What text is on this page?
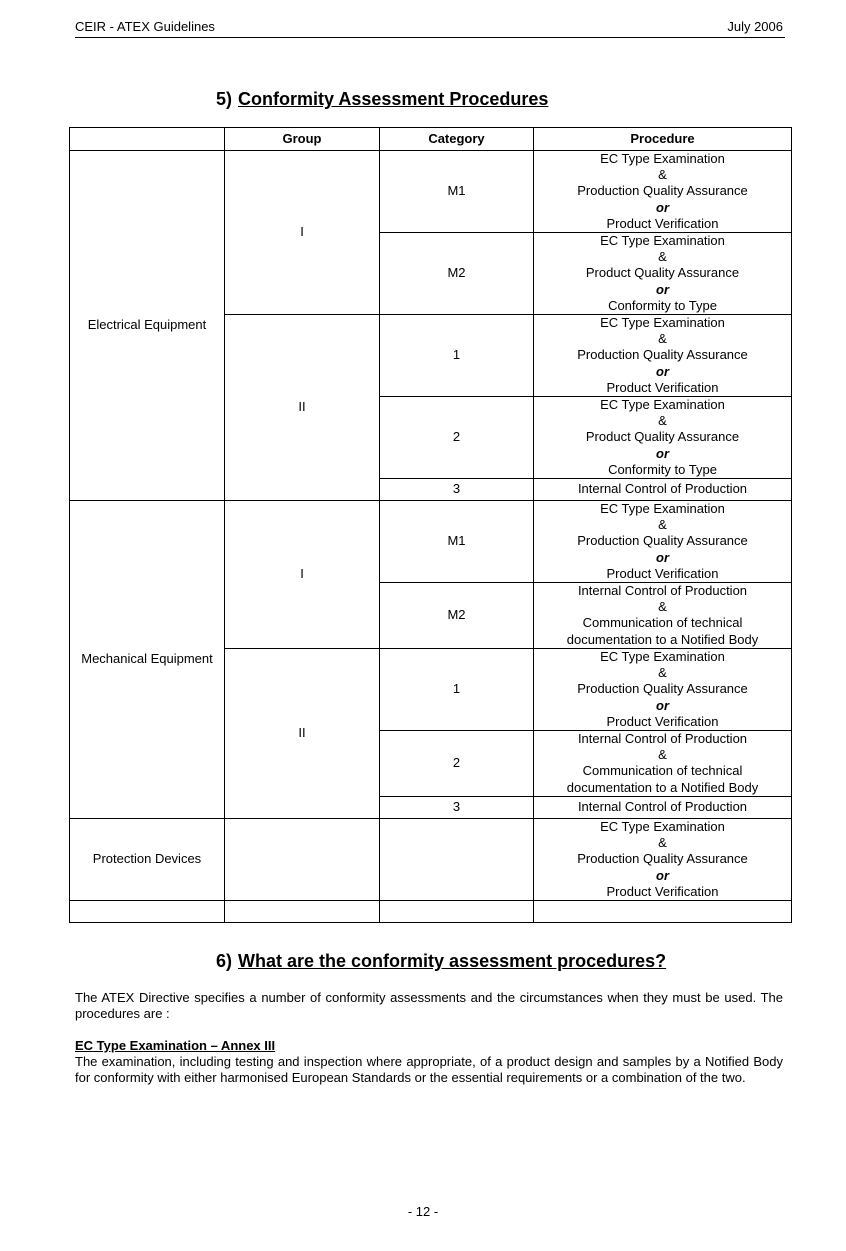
CEIR - ATEX Guidelines	July 2006
5) Conformity Assessment Procedures
	Group	Category	Procedure
Electrical Equipment	I	M1	EC Type Examination
&
Production Quality Assurance
or
Product Verification

		M2	EC Type Examination
&
Product Quality Assurance
or
Conformity to Type

	II	1	EC Type Examination
&
Production Quality Assurance
or
Product Verification

		2	EC Type Examination
&
Product Quality Assurance
or
Conformity to Type

		3	Internal Control of Production

Mechanical Equipment	I	M1	EC Type Examination
&
Production Quality Assurance
or
Product Verification

		M2	Internal Control of Production
&
Communication of technical
documentation to a Notified Body

	II	1	EC Type Examination
&
Production Quality Assurance
or
Product Verification

		2	Internal Control of Production
&
Communication of technical
documentation to a Notified Body

		3	Internal Control of Production

Protection Devices			EC Type Examination
&
Production Quality Assurance
or
Product Verification

6) What are the conformity assessment procedures?
The ATEX Directive specifies a number of conformity assessments and the circumstances when they must be used. The procedures are :
EC Type Examination – Annex III
The examination, including testing and inspection where appropriate, of a product design and samples by a Notified Body for conformity with either harmonised European Standards or the essential requirements or a combination of the two.
- 12 -
